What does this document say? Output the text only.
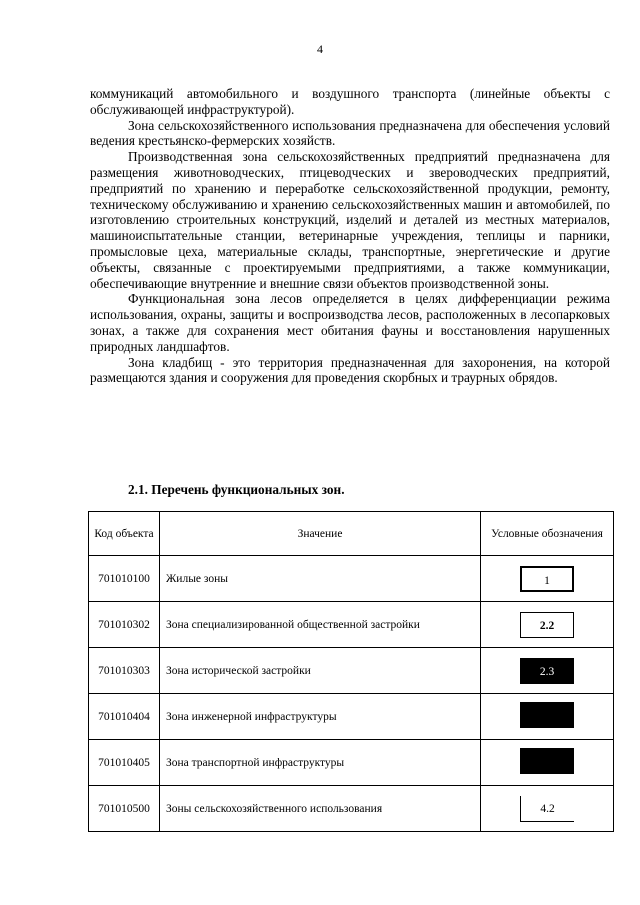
4

коммуникаций автомобильного и воздушного транспорта (линейные объекты с обслуживающей инфраструктурой).

Зона сельскохозяйственного использования предназначена для обеспечения условий ведения крестьянско-фермерских хозяйств.

Производственная зона сельскохозяйственных предприятий предназначена для размещения животноводческих, птицеводческих и звероводческих предприятий, предприятий по хранению и переработке сельскохозяйственной продукции, ремонту, техническому обслуживанию и хранению сельскохозяйственных машин и автомобилей, по изготовлению строительных конструкций, изделий и деталей из местных материалов, машиноиспытательные станции, ветеринарные учреждения, теплицы и парники, промысловые цеха, материальные склады, транспортные, энергетические и другие объекты, связанные с проектируемыми предприятиями, а также коммуникации, обеспечивающие внутренние и внешние связи объектов производственной зоны.

Функциональная зона лесов определяется в целях дифференциации режима использования, охраны, защиты и воспроизводства лесов, расположенных в лесопарковых зонах, а также для сохранения мест обитания фауны и восстановления нарушенных природных ландшафтов.

Зона кладбищ - это территория предназначенная для захоронения, на которой размещаются здания и сооружения для проведения скорбных и траурных обрядов.

2.1. Перечень функциональных зон.
Код объекта	Значение	Условные обозначения
701010100	Жилые зоны	1
701010302	Зона специализированной общественной застройки	2.2
701010303	Зона исторической застройки	2.3
701010404	Зона инженерной инфраструктуры	
701010405	Зона транспортной инфраструктуры	
701010500	Зоны сельскохозяйственного использования	4.2
